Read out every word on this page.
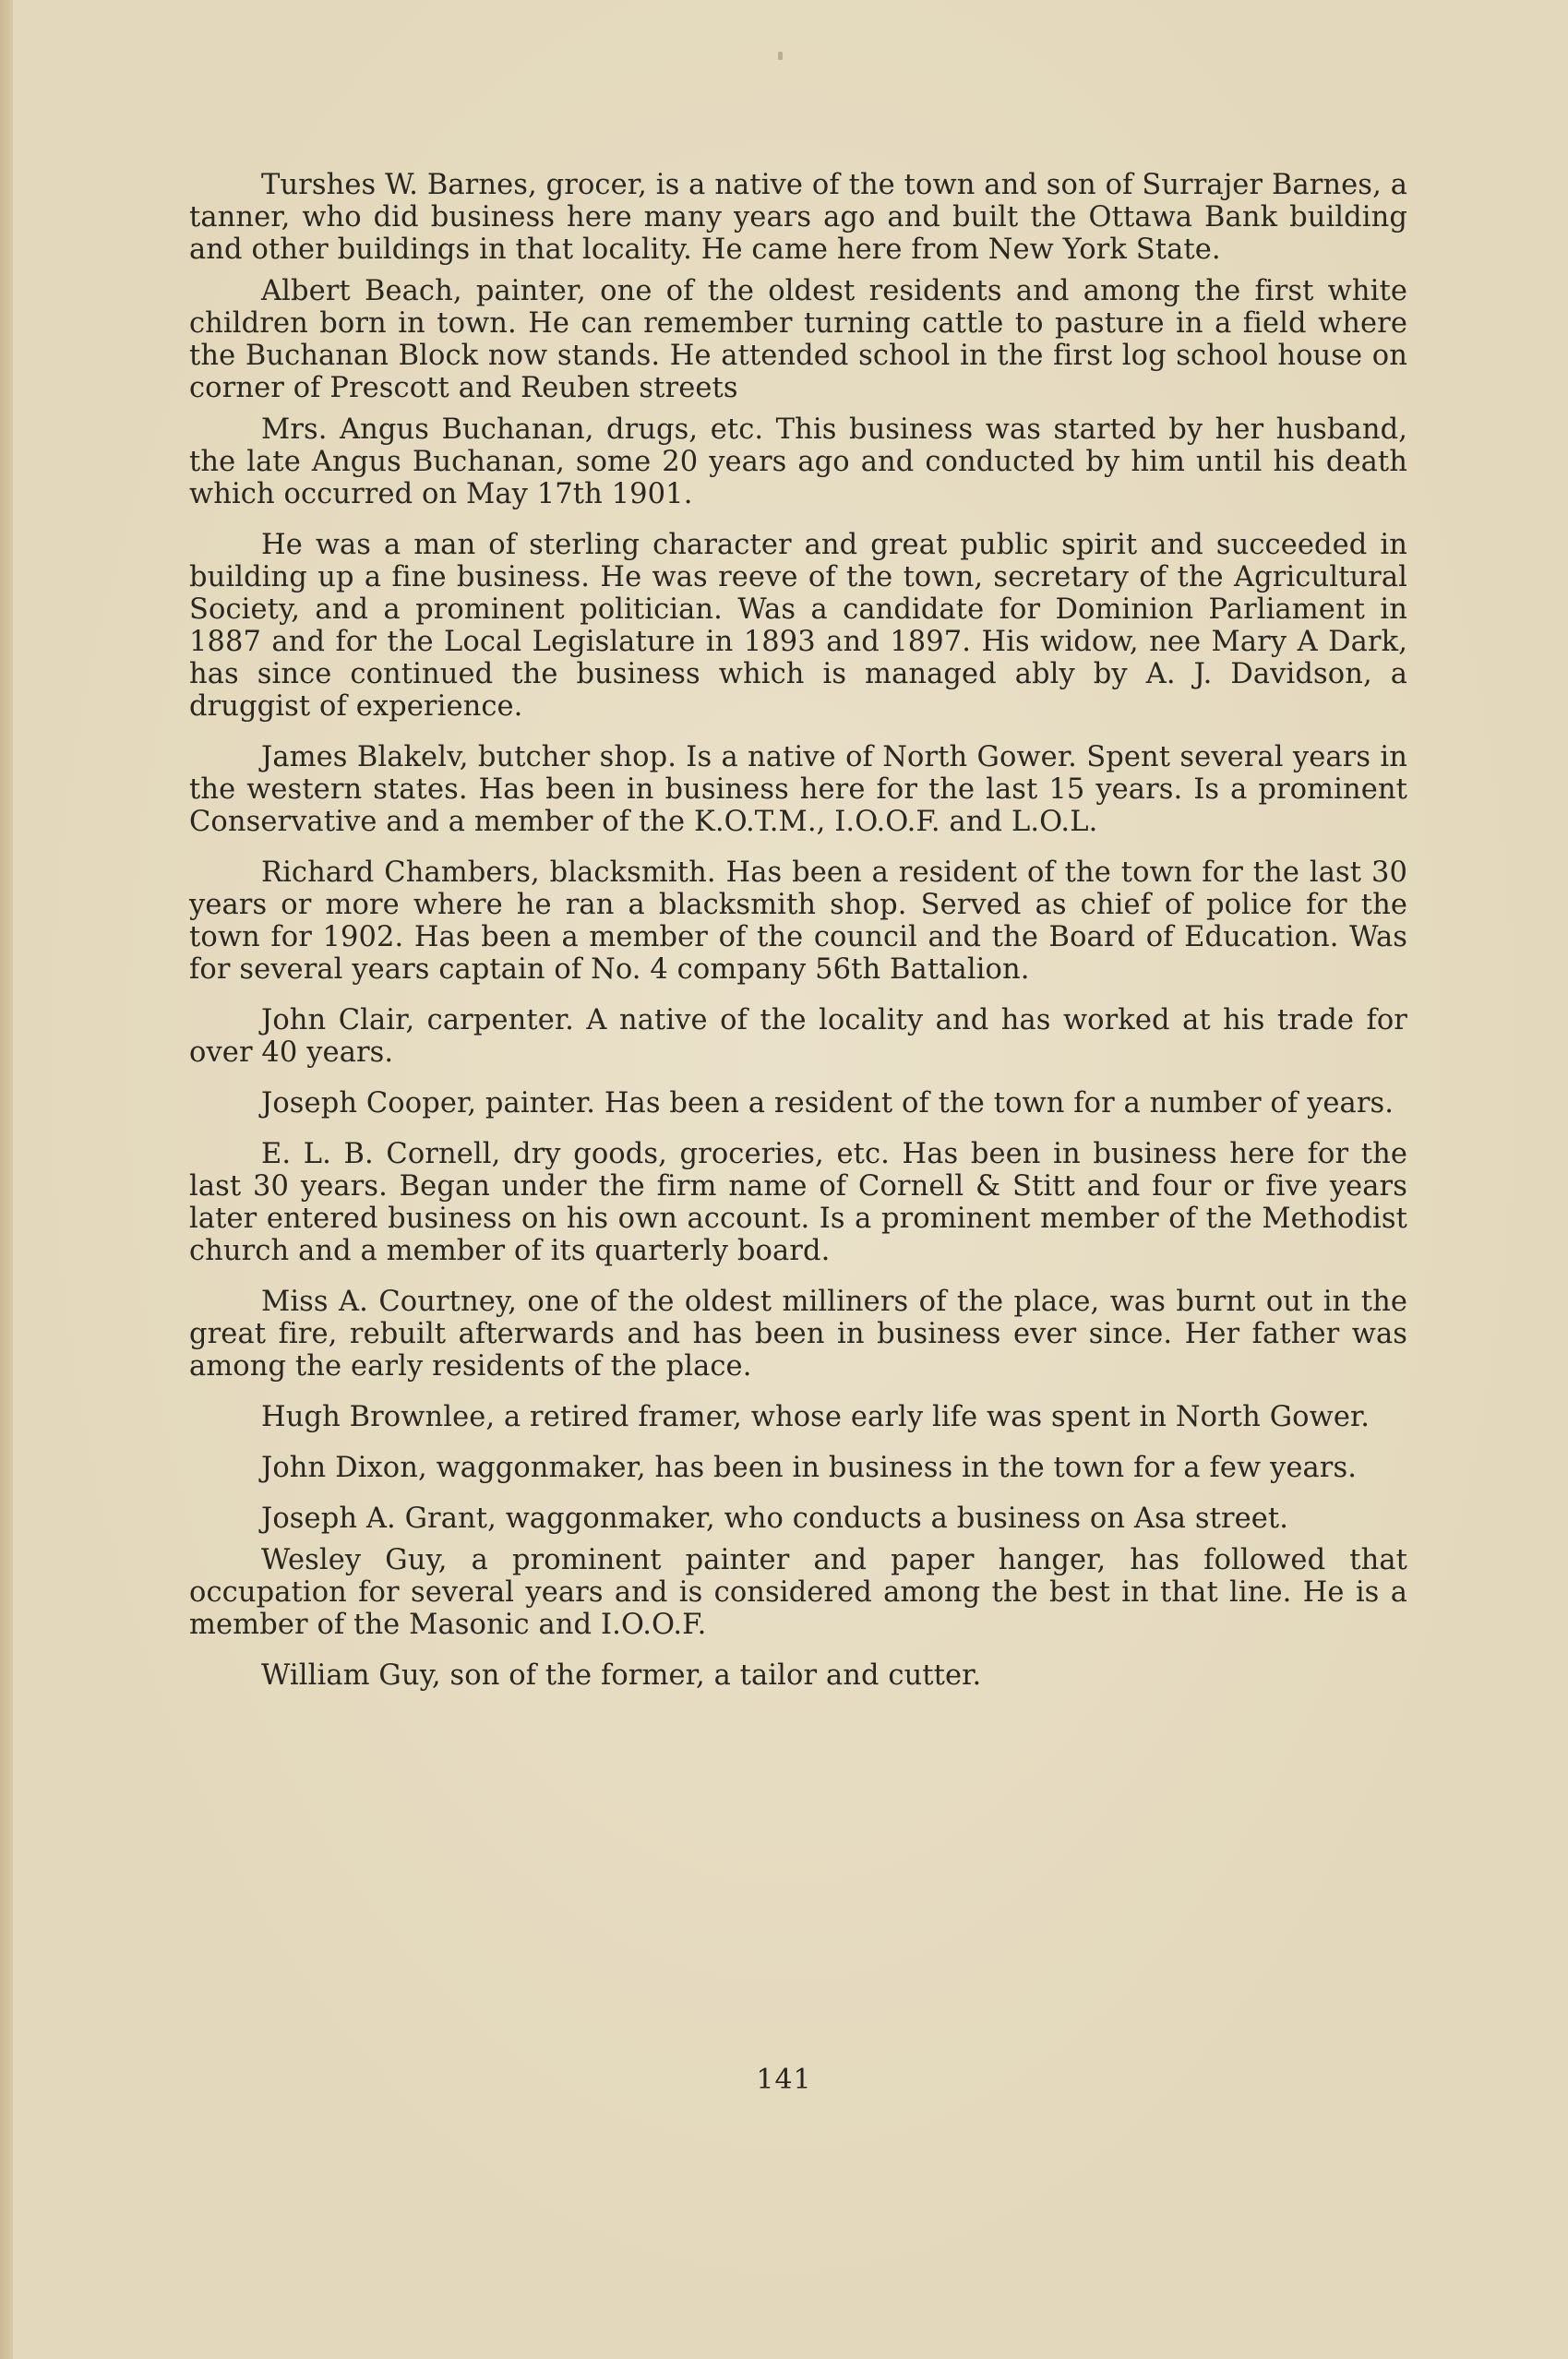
Turshes W. Barnes, grocer, is a native of the town and son of Surrajer Barnes, a tanner, who did business here many years ago and built the Ottawa Bank building and other buildings in that locality. He came here from New York State.

Albert Beach, painter, one of the oldest residents and among the first white children born in town. He can remember turning cattle to pasture in a field where the Buchanan Block now stands. He attended school in the first log school house on corner of Prescott and Reuben streets

Mrs. Angus Buchanan, drugs, etc. This business was started by her husband, the late Angus Buchanan, some 20 years ago and conducted by him until his death which occurred on May 17th 1901.

He was a man of sterling character and great public spirit and succeeded in building up a fine business. He was reeve of the town, secretary of the Agricultural Society, and a prominent politician. Was a candidate for Dominion Parliament in 1887 and for the Local Legislature in 1893 and 1897. His widow, nee Mary A Dark, has since continued the business which is managed ably by A. J. Davidson, a druggist of experience.

James Blakelv, butcher shop. Is a native of North Gower. Spent several years in the western states. Has been in business here for the last 15 years. Is a prominent Conservative and a member of the K.O.T.M., I.O.O.F. and L.O.L.

Richard Chambers, blacksmith. Has been a resident of the town for the last 30 years or more where he ran a blacksmith shop. Served as chief of police for the town for 1902. Has been a member of the council and the Board of Education. Was for several years captain of No. 4 company 56th Battalion.

John Clair, carpenter. A native of the locality and has worked at his trade for over 40 years.

Joseph Cooper, painter. Has been a resident of the town for a number of years.

E. L. B. Cornell, dry goods, groceries, etc. Has been in business here for the last 30 years. Began under the firm name of Cornell & Stitt and four or five years later entered business on his own account. Is a prominent member of the Methodist church and a member of its quarterly board.

Miss A. Courtney, one of the oldest milliners of the place, was burnt out in the great fire, rebuilt afterwards and has been in business ever since. Her father was among the early residents of the place.

Hugh Brownlee, a retired framer, whose early life was spent in North Gower.

John Dixon, waggonmaker, has been in business in the town for a few years.

Joseph A. Grant, waggonmaker, who conducts a business on Asa street.

Wesley Guy, a prominent painter and paper hanger, has followed that occupation for several years and is considered among the best in that line. He is a member of the Masonic and I.O.O.F.

William Guy, son of the former, a tailor and cutter.

141
